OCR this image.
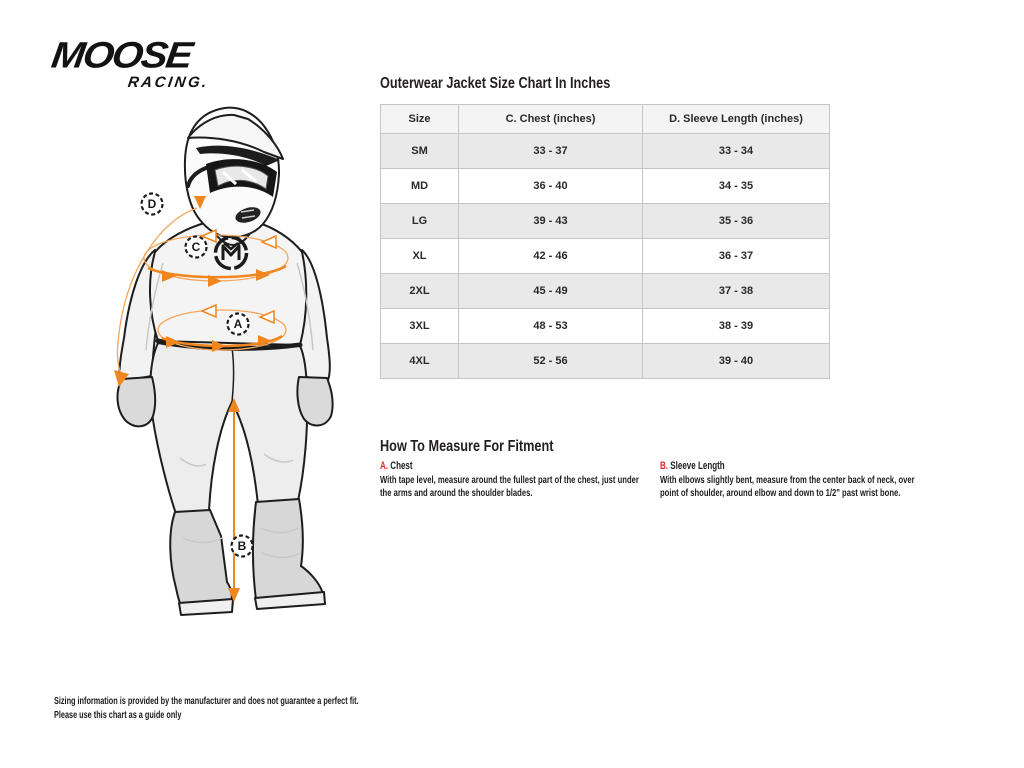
MOOSE
RACING.
D
C
A
B
Outerwear Jacket Size Chart In Inches
Size	C. Chest (inches)	D. Sleeve Length (inches)
SM	33 - 37	33 - 34
MD	36 - 40	34 - 35
LG	39 - 43	35 - 36
XL	42 - 46	36 - 37
2XL	45 - 49	37 - 38
3XL	48 - 53	38 - 39
4XL	52 - 56	39 - 40
How To Measure For Fitment
A. Chest

With tape level, measure around the fullest part of the chest, just under the arms and around the shoulder blades.

B. Sleeve Length

With elbows slightly bent, measure from the center back of neck, over point of shoulder, around elbow and down to 1/2" past wrist bone.

Sizing information is provided by the manufacturer and does not guarantee a perfect fit.
Please use this chart as a guide only
